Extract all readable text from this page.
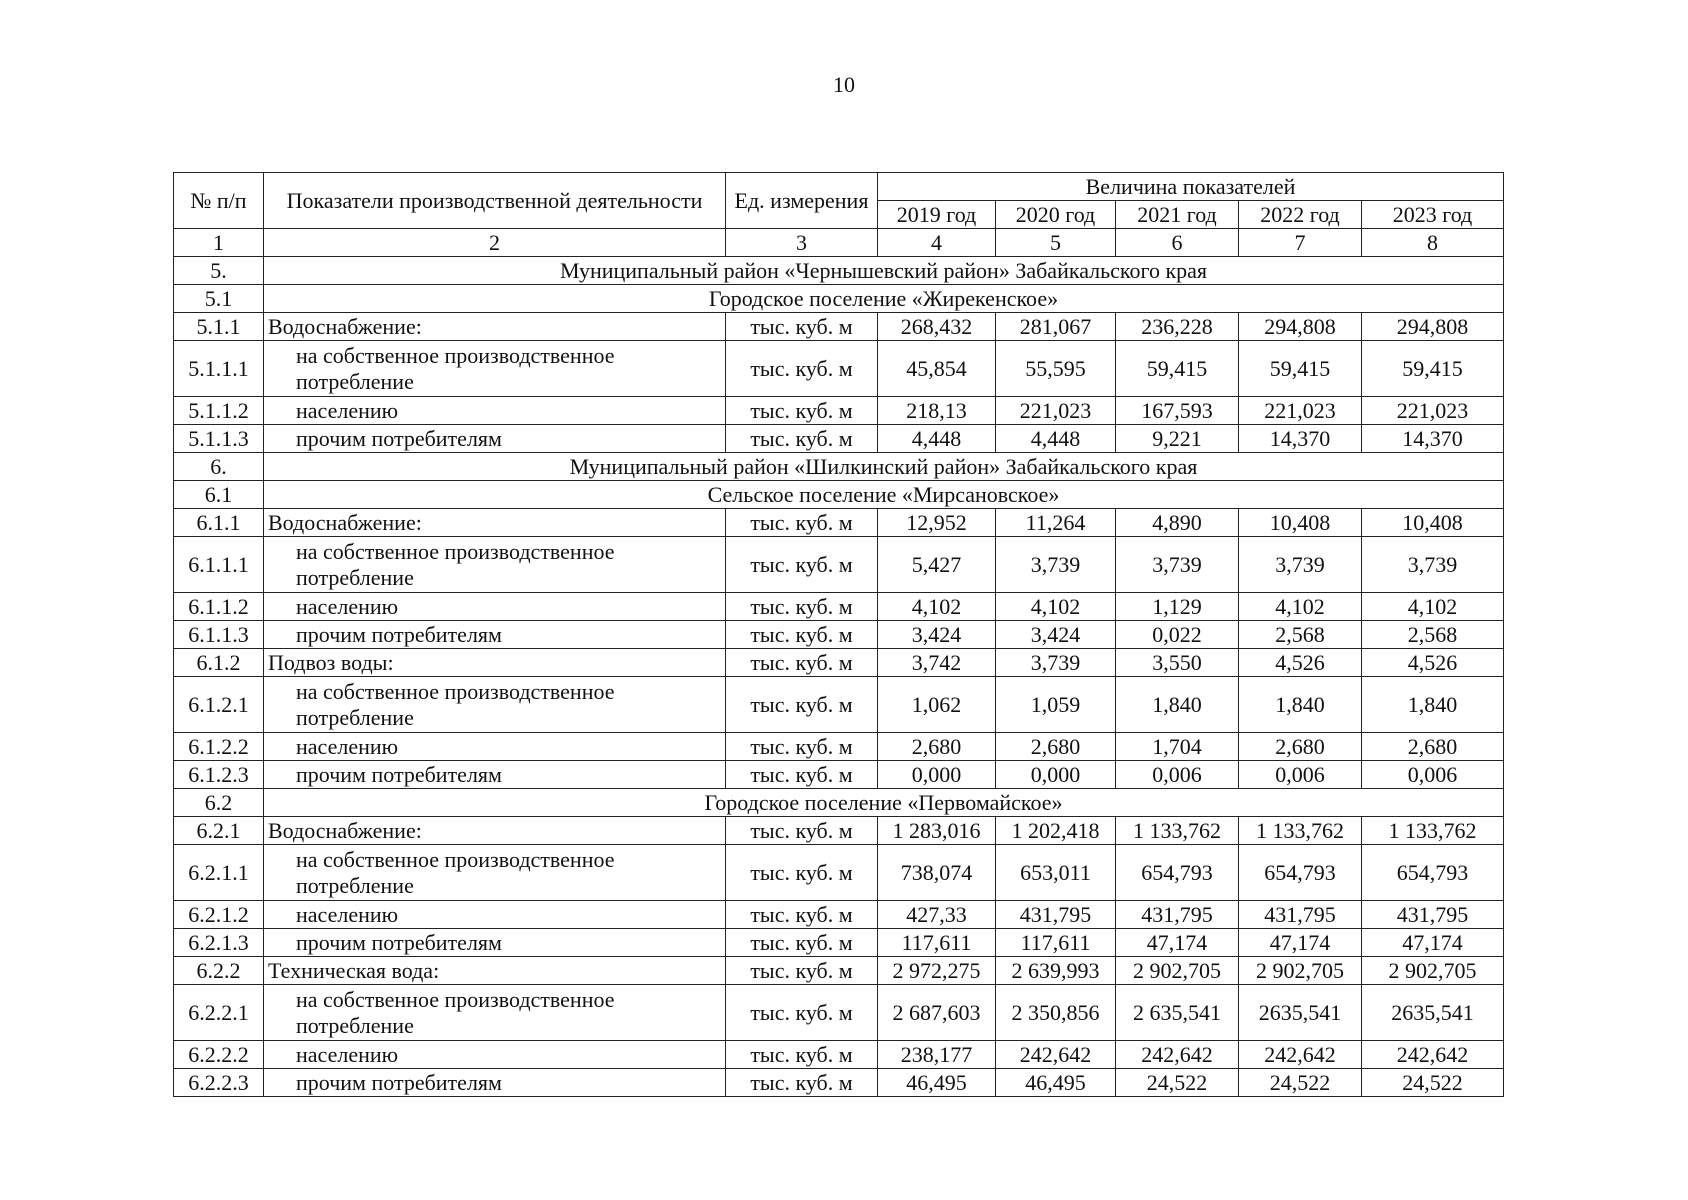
10
№ п/п	Показатели производственной деятельности	Ед. измерения	Величина показателей				
			2019 год	2020 год	2021 год	2022 год	2023 год
1	2	3	4	5	6	7	8
5.	Муниципальный район «Чернышевский район» Забайкальского края						
5.1	Городское поселение «Жирекенское»						
5.1.1	Водоснабжение:	тыс. куб. м	268,432	281,067	236,228	294,808	294,808
5.1.1.1	на собственное производственное потребление	тыс. куб. м	45,854	55,595	59,415	59,415	59,415
5.1.1.2	населению	тыс. куб. м	218,13	221,023	167,593	221,023	221,023
5.1.1.3	прочим потребителям	тыс. куб. м	4,448	4,448	9,221	14,370	14,370
6.	Муниципальный район «Шилкинский район» Забайкальского края						
6.1	Сельское поселение «Мирсановское»						
6.1.1	Водоснабжение:	тыс. куб. м	12,952	11,264	4,890	10,408	10,408
6.1.1.1	на собственное производственное потребление	тыс. куб. м	5,427	3,739	3,739	3,739	3,739
6.1.1.2	населению	тыс. куб. м	4,102	4,102	1,129	4,102	4,102
6.1.1.3	прочим потребителям	тыс. куб. м	3,424	3,424	0,022	2,568	2,568
6.1.2	Подвоз воды:	тыс. куб. м	3,742	3,739	3,550	4,526	4,526
6.1.2.1	на собственное производственное потребление	тыс. куб. м	1,062	1,059	1,840	1,840	1,840
6.1.2.2	населению	тыс. куб. м	2,680	2,680	1,704	2,680	2,680
6.1.2.3	прочим потребителям	тыс. куб. м	0,000	0,000	0,006	0,006	0,006
6.2	Городское поселение «Первомайское»						
6.2.1	Водоснабжение:	тыс. куб. м	1 283,016	1 202,418	1 133,762	1 133,762	1 133,762
6.2.1.1	на собственное производственное потребление	тыс. куб. м	738,074	653,011	654,793	654,793	654,793
6.2.1.2	населению	тыс. куб. м	427,33	431,795	431,795	431,795	431,795
6.2.1.3	прочим потребителям	тыс. куб. м	117,611	117,611	47,174	47,174	47,174
6.2.2	Техническая вода:	тыс. куб. м	2 972,275	2 639,993	2 902,705	2 902,705	2 902,705
6.2.2.1	на собственное производственное потребление	тыс. куб. м	2 687,603	2 350,856	2 635,541	2635,541	2635,541
6.2.2.2	населению	тыс. куб. м	238,177	242,642	242,642	242,642	242,642
6.2.2.3	прочим потребителям	тыс. куб. м	46,495	46,495	24,522	24,522	24,522
